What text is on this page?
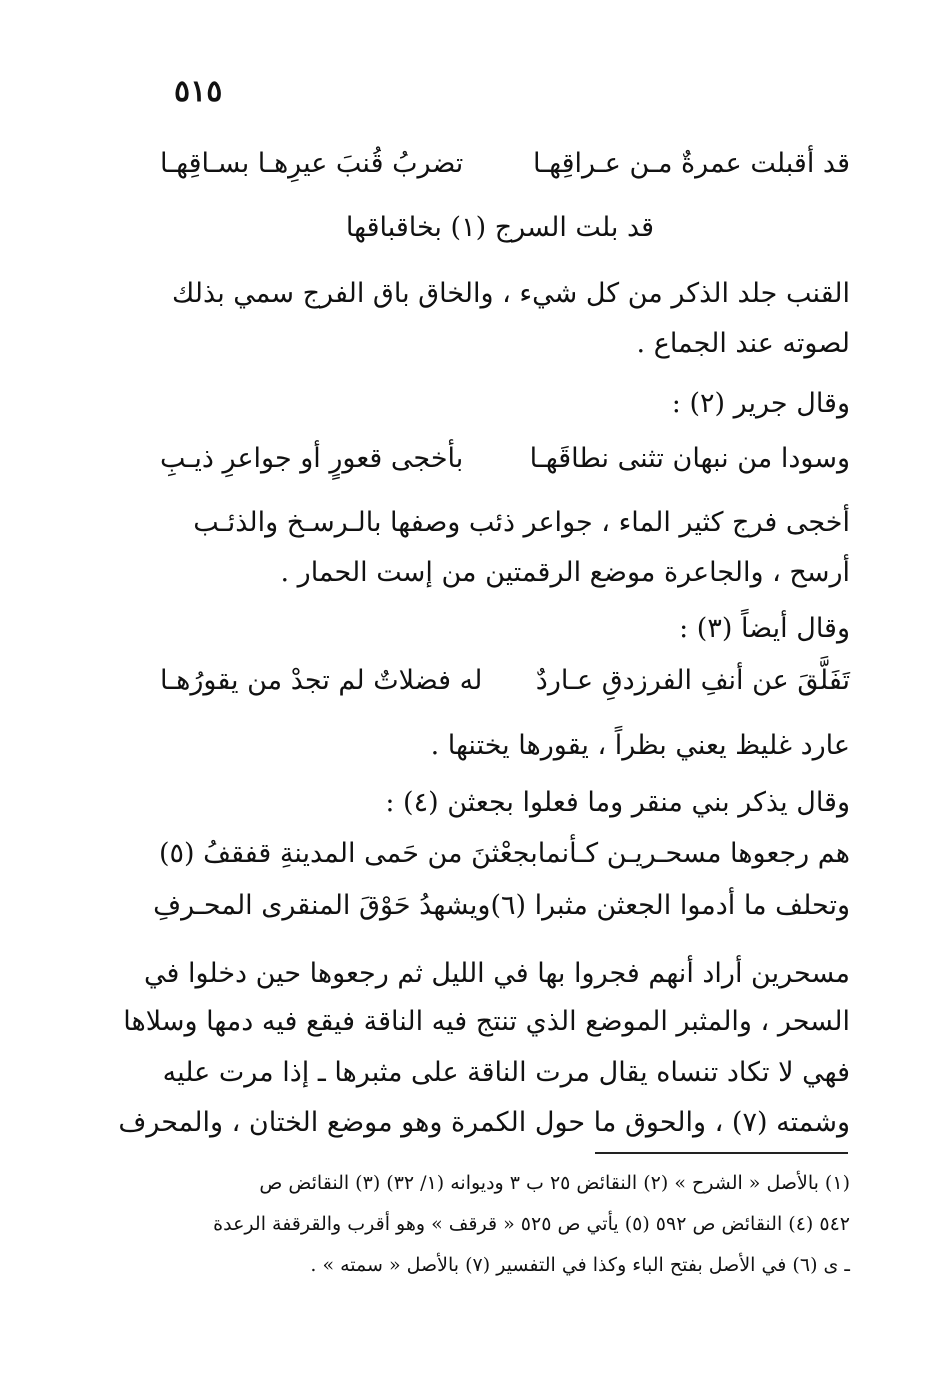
٥١٥
قد أقبلت عمرةٌ مـن عـراقِهـا
تضربُ قُنبَ عيرِهـا بسـاقِهـا
قد بلت السرج (١) بخاقباقها
القنب جلد الذكر من كل شيء ، والخاق باق الفرج سمي بذلك
لصوته عند الجماع .
وقال جرير (٢) :
وسودا من نبهان تثنى نطاقَهـا
بأخجى قعورٍ أو جواعرِ ذيـبِ
أخجى فرج كثير الماء ، جواعر ذئب وصفها بالـرسـخ والذئـب
أرسح ، والجاعرة موضع الرقمتين من إست الحمار .
وقال أيضاً (٣) :
تَفَلَّقَ عن أنفِ الفرزدقِ عـاردٌ
له فضلاتٌ لم تجدْ من يقورُهـا
عارد غليظ يعني بظراً ، يقورها يختنها .
وقال يذكر بني منقر وما فعلوا بجعثن (٤) :
هم رجعوها مسحـريـن كـأنما
بجعْثنَ من حَمى المدينةِ قفقفُ (٥)
وتحلف ما أدموا الجعثن مثبرا (٦)
ويشهدُ حَوْقَ المنقرى المحـرفِ
مسحرين أراد أنهم فجروا بها في الليل ثم رجعوها حين دخلوا في
السحر ، والمثبر الموضع الذي تنتج فيه الناقة فيقع فيه دمها وسلاها
فهي لا تكاد تنساه يقال مرت الناقة على مثبرها ـ إذا مرت عليه
وشمته (٧) ، والحوق ما حول الكمرة وهو موضع الختان ، والمحرف
(١) بالأصل « الشرح » (٢) النقائض ٢٥ ب ٣ وديوانه (١/ ٣٢) (٣) النقائض ص
٥٤٢ (٤) النقائض ص ٥٩٢ (٥) يأتي ص ٥٢٥ « قرقف » وهو أقرب والقرقفة الرعدة
ـ ى (٦) في الأصل بفتح الباء وكذا في التفسير (٧) بالأصل « سمته » .
